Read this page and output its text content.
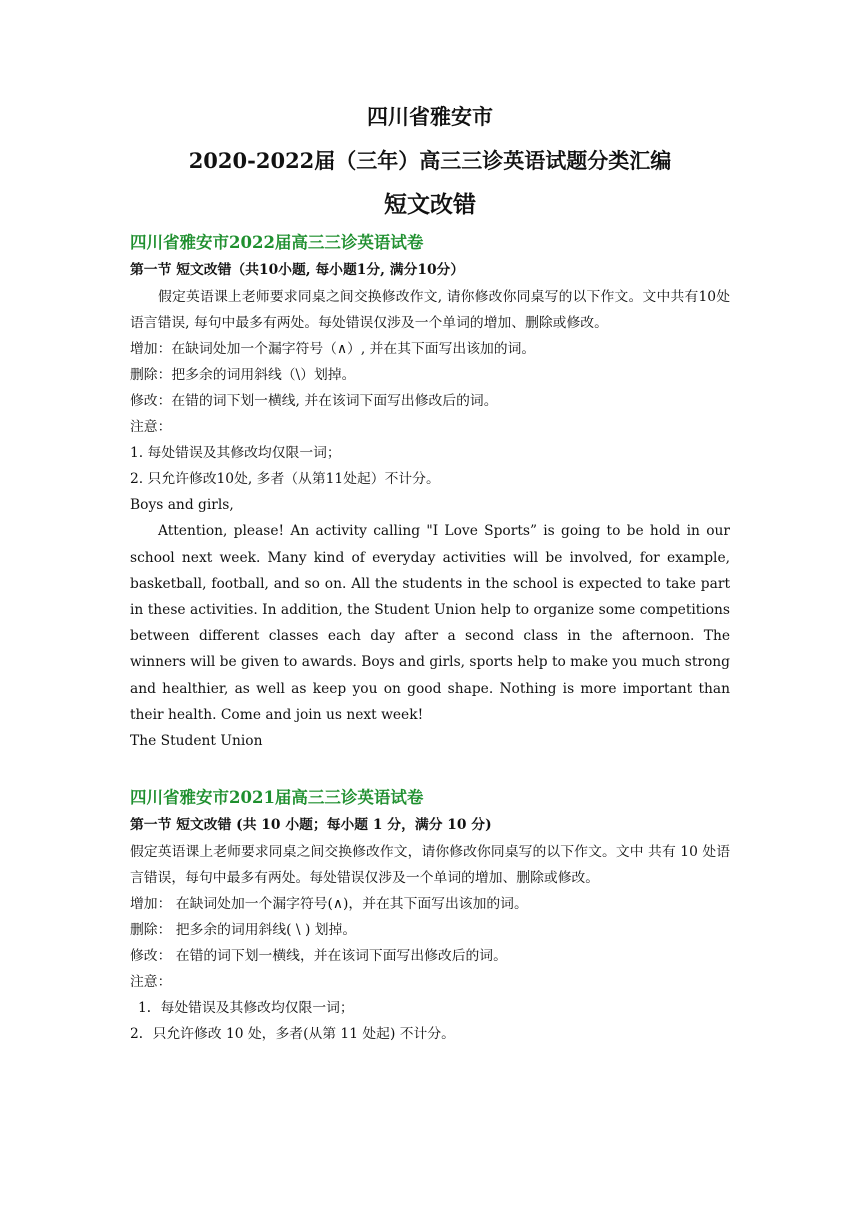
四川省雅安市
2020-2022届（三年）高三三诊英语试题分类汇编
短文改错
四川省雅安市2022届高三三诊英语试卷
第一节 短文改错（共10小题, 每小题1分, 满分10分）

假定英语课上老师要求同桌之间交换修改作文, 请你修改你同桌写的以下作文。文中共有10处语言错误, 每句中最多有两处。每处错误仅涉及一个单词的增加、删除或修改。

增加：在缺词处加一个漏字符号（∧）, 并在其下面写出该加的词。

删除：把多余的词用斜线（\）划掉。

修改：在错的词下划一横线, 并在该词下面写出修改后的词。

注意：

1. 每处错误及其修改均仅限一词；

2. 只允许修改10处, 多者（从第11处起）不计分。

Boys and girls,

Attention, please! An activity calling "I Love Sports” is going to be hold in our school next week. Many kind of everyday activities will be involved, for example, basketball, football, and so on. All the students in the school is expected to take part in these activities. In addition, the Student Union help to organize some competitions between different classes each day after a second class in the afternoon. The winners will be given to awards. Boys and girls, sports help to make you much strong and healthier, as well as keep you on good shape. Nothing is more important than their health. Come and join us next week!

The Student Union

四川省雅安市2021届高三三诊英语试卷
第一节 短文改错 (共 10 小题；每小题 1 分，满分 10 分)

假定英语课上老师要求同桌之间交换修改作文，请你修改你同桌写的以下作文。文中 共有 10 处语言错误，每句中最多有两处。每处错误仅涉及一个单词的增加、删除或修改。

增加： 在缺词处加一个漏字符号(∧)，并在其下面写出该加的词。

删除： 把多余的词用斜线( \ ) 划掉。

修改： 在错的词下划一横线，并在该词下面写出修改后的词。

注意：

1．每处错误及其修改均仅限一词；

2．只允许修改 10 处，多者(从第 11 处起) 不计分。
